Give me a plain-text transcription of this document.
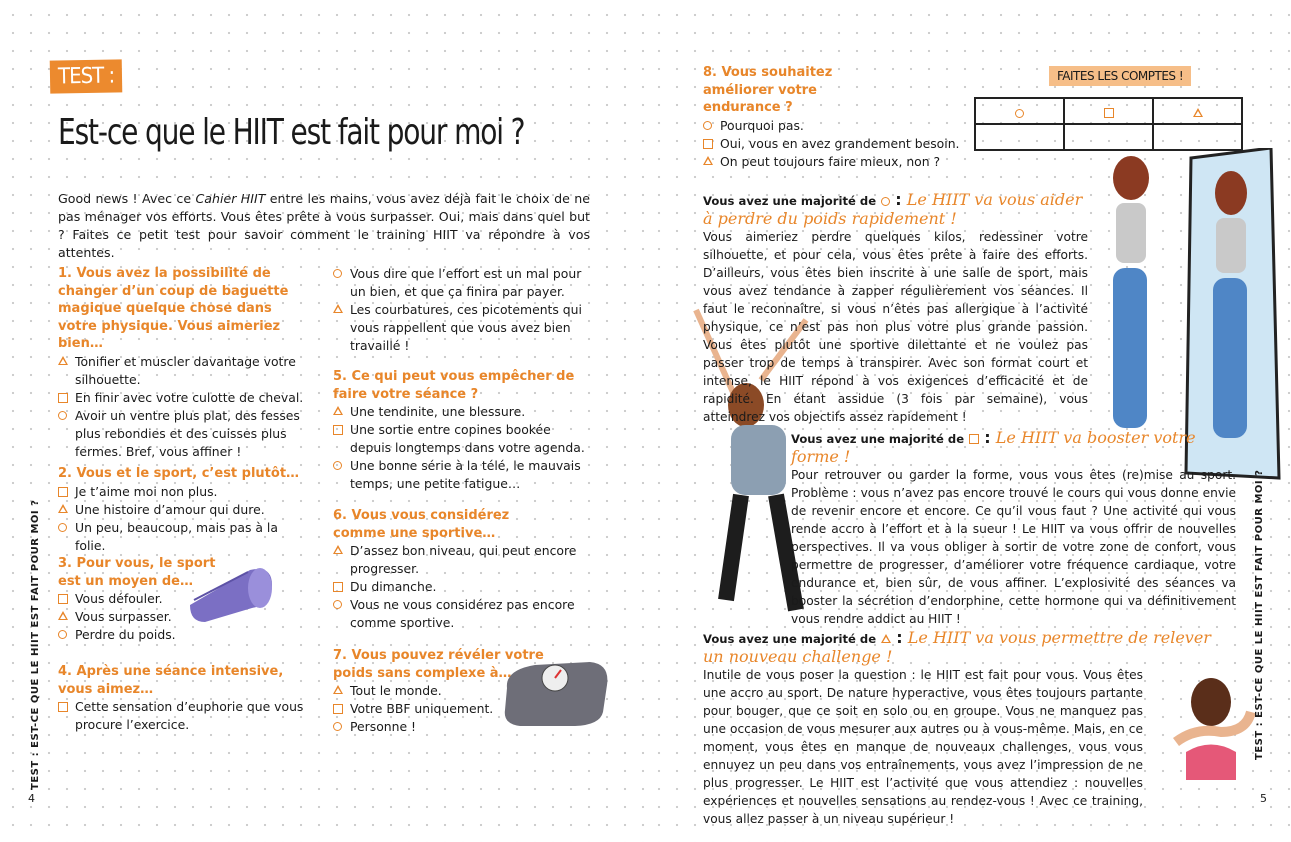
TEST :
Est-ce que le HIIT est fait pour moi ?
Good news ! Avec ce Cahier HIIT entre les mains, vous avez déjà fait le choix de ne pas ménager vos efforts. Vous êtes prête à vous surpasser. Oui, mais dans quel but ? Faites ce petit test pour savoir comment le training HIIT va répondre à vos attentes.
1. Vous avez la possibilité de changer d’un coup de baguette magique quelque chose dans votre physique. Vous aimeriez bien…
Tonifier et muscler davantage votre silhouette.
En finir avec votre culotte de cheval.
Avoir un ventre plus plat, des fesses plus rebondies et des cuisses plus fermes. Bref, vous affiner !
2. Vous et le sport, c’est plutôt…
Je t’aime moi non plus.
Une histoire d’amour qui dure.
Un peu, beaucoup, mais pas à la folie.
3. Pour vous, le sport est un moyen de…
Vous défouler.
Vous surpasser.
Perdre du poids.
4. Après une séance intensive, vous aimez…
Cette sensation d’euphorie que vous procure l’exercice.
Vous dire que l’effort est un mal pour un bien, et que ça finira par payer.
Les courbatures, ces picotements qui vous rappellent que vous avez bien travaillé !
5. Ce qui peut vous empêcher de faire votre séance ?
Une tendinite, une blessure.
Une sortie entre copines bookée depuis longtemps dans votre agenda.
Une bonne série à la télé, le mauvais temps, une petite fatigue…
6. Vous vous considérez comme une sportive…
D’assez bon niveau, qui peut encore progresser.
Du dimanche.
Vous ne vous considérez pas encore comme sportive.
7. Vous pouvez révéler votre poids sans complexe à…
Tout le monde.
Votre BBF uniquement.
Personne !
TEST : EST-CE QUE LE HIIT EST FAIT POUR MOI ?
4
8. Vous souhaitez améliorer votre endurance ?
Pourquoi pas.
Oui, vous en avez grandement besoin.
On peut toujours faire mieux, non ?
FAITES LES COMPTES !

Vous avez une majorité de : Le HIIT va vous aider à perdre du poids rapidement !
Vous aimeriez perdre quelques kilos, redessiner votre silhouette, et pour cela, vous êtes prête à faire des efforts. D’ailleurs, vous êtes bien inscrite à une salle de sport, mais vous avez tendance à zapper régulièrement vos séances. Il faut le reconnaître, si vous n’êtes pas allergique à l’activité physique, ce n’est pas non plus votre plus grande passion. Vous êtes plutôt une sportive dilettante et ne voulez pas passer trop de temps à transpirer. Avec son format court et intense, le HIIT répond à vos exigences d’efficacité et de rapidité. En étant assidue (3 fois par semaine), vous atteindrez vos objectifs assez rapidement !
Vous avez une majorité de : Le HIIT va booster votre forme !
Pour retrouver ou garder la forme, vous vous êtes (re)mise au sport. Problème : vous n’avez pas encore trouvé le cours qui vous donne envie de revenir encore et encore. Ce qu’il vous faut ? Une activité qui vous rende accro à l’effort et à la sueur ! Le HIIT va vous offrir de nouvelles perspectives. Il va vous obliger à sortir de votre zone de confort, vous permettre de progresser, d’améliorer votre fréquence cardiaque, votre endurance et, bien sûr, de vous affiner. L’explosivité des séances va booster la sécrétion d’endorphine, cette hormone qui va définitivement vous rendre addict au HIIT !
Vous avez une majorité de : Le HIIT va vous permettre de relever un nouveau challenge !
Inutile de vous poser la question : le HIIT est fait pour vous. Vous êtes une accro au sport. De nature hyperactive, vous êtes toujours partante pour bouger, que ce soit en solo ou en groupe. Vous ne manquez pas une occasion de vous mesurer aux autres ou à vous-même. Mais, en ce moment, vous êtes en manque de nouveaux challenges, vous vous ennuyez un peu dans vos entraînements, vous avez l’impression de ne plus progresser. Le HIIT est l’activité que vous attendiez : nouvelles expériences et nouvelles sensations au rendez-vous ! Avec ce training, vous allez passer à un niveau supérieur !
TEST : EST-CE QUE LE HIIT EST FAIT POUR MOI ?
5
